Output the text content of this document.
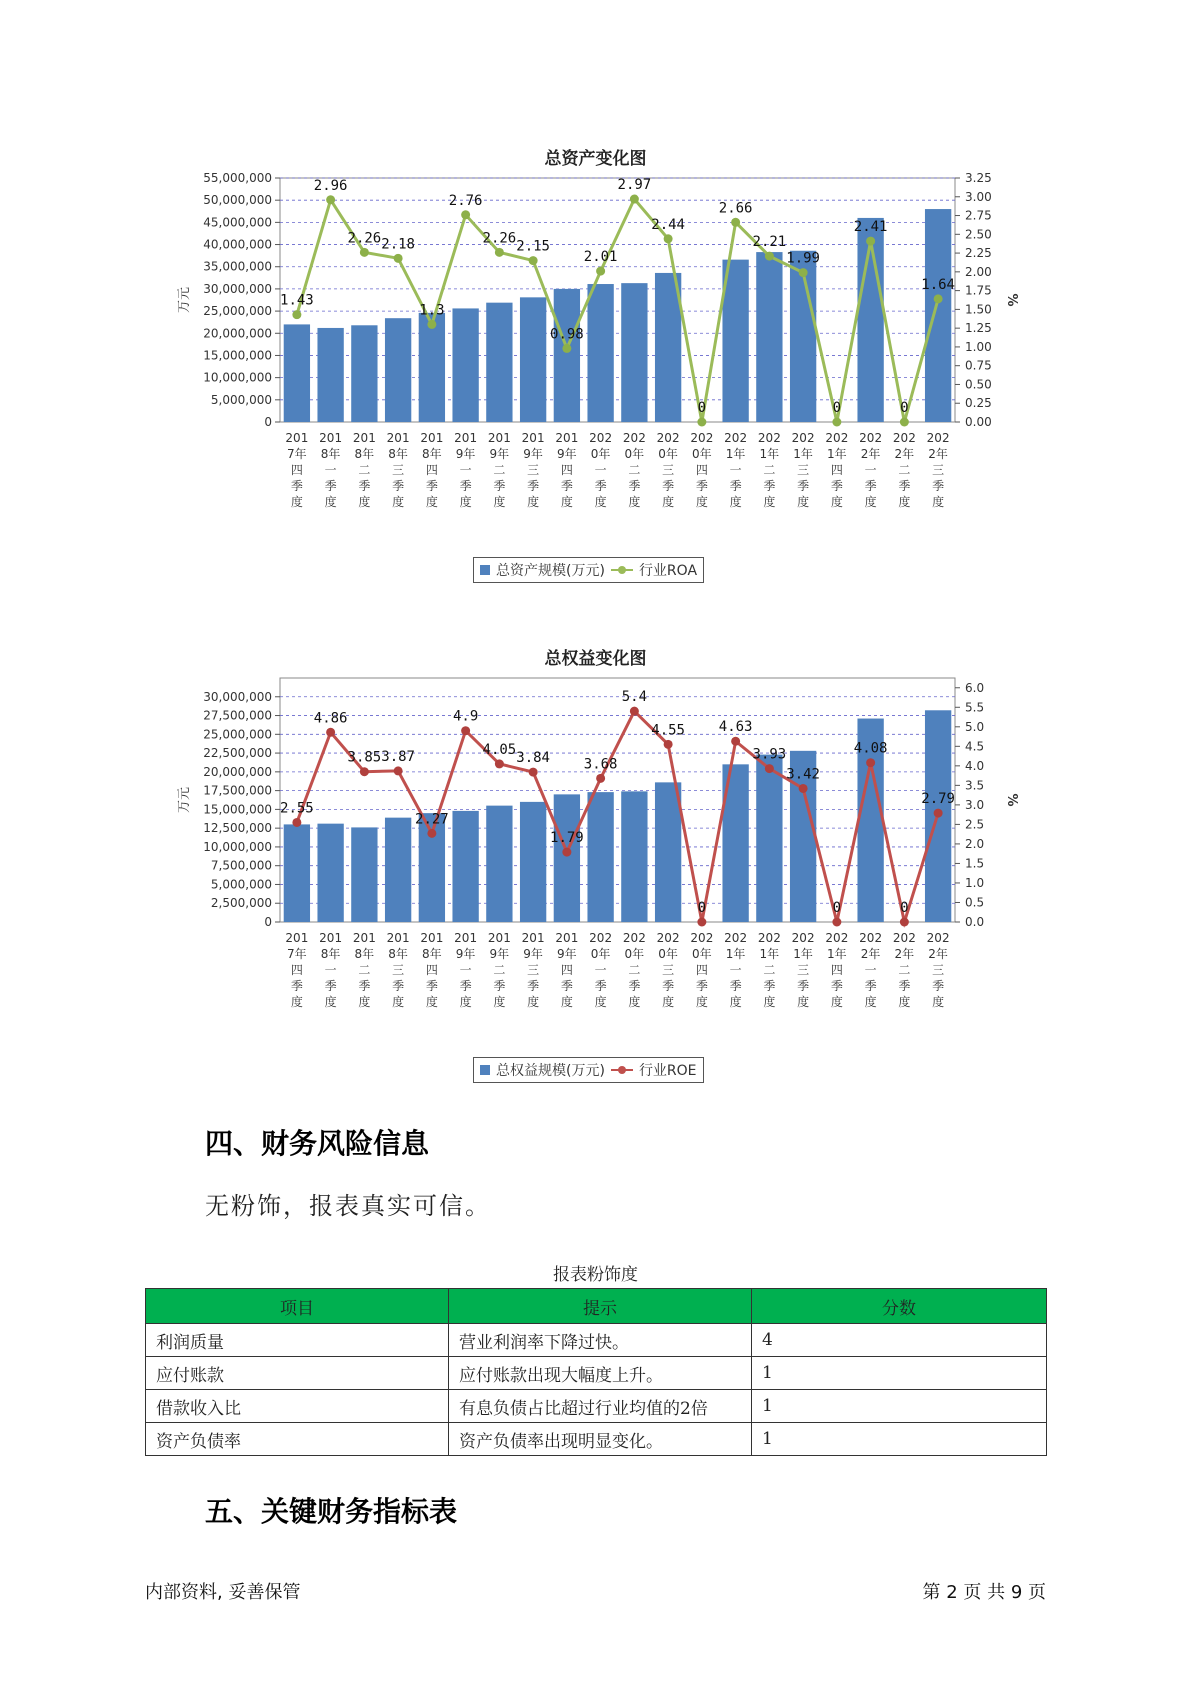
总资产变化图
55,000,000
50,000,000
45,000,000
40,000,000
35,000,000
30,000,000
25,000,000
20,000,000
15,000,000
10,000,000
5,000,000
0
3.25
3.00
2.75
2.50
2.25
2.00
1.75
1.50
1.25
1.00
0.75
0.50
0.25
0.00
万元	%
201
7年
四
季
度
201
8年
一
季
度
201
8年
二
季
度
201
8年
三
季
度
201
8年
四
季
度
201
9年
一
季
度
201
9年
二
季
度
201
9年
三
季
度
201
9年
四
季
度
202
0年
一
季
度
202
0年
二
季
度
202
0年
三
季
度
202
0年
四
季
度
202
1年
一
季
度
202
1年
二
季
度
202
1年
三
季
度
202
1年
四
季
度
202
2年
一
季
度
202
2年
二
季
度
202
2年
三
季
度
1.43
2.96
2.26 2.18
1.3
2.76
2.26
2.15
0.98
2.01
2.97
2.44
0
2.66
2.21
1.99
0
2.41
0
1.64
总资产规模(万元) 行业ROA
总权益变化图
30,000,000
27,500,000
25,000,000
22,500,000
20,000,000
17,500,000
15,000,000
12,500,000
10,000,000
7,500,000
5,000,000
2,500,000
0
6.0
5.5
5.0
4.5
4.0
3.5
3.0
2.5
2.0
1.5
1.0
0.5
0.0
万元	%
201
7年
四
季
度
201
8年
一
季
度
201
8年
二
季
度
201
8年
三
季
度
201
8年
四
季
度
201
9年
一
季
度
201
9年
二
季
度
201
9年
三
季
度
201
9年
四
季
度
202
0年
一
季
度
202
0年
二
季
度
202
0年
三
季
度
202
0年
四
季
度
202
1年
一
季
度
202
1年
二
季
度
202
1年
三
季
度
202
1年
四
季
度
202
2年
一
季
度
202
2年
二
季
度
202
2年
三
季
度
2.55
4.86
3.85 3.87
2.27
4.9
4.05
3.84
1.79
3.68
5.4
4.55
0
4.63
3.93
3.42
0
4.08
0
2.79
总权益规模(万元) 行业ROE
四、财务风险信息
无粉饰，报表真实可信。
报表粉饰度
项目	提示	分数
利润质量	营业利润率下降过快。	4
应付账款	应付账款出现大幅度上升。	1
借款收入比	有息负债占比超过行业均值的2倍	1
资产负债率	资产负债率出现明显变化。	1
五、关键财务指标表
内部资料, 妥善保管	第 2 页 共 9 页
